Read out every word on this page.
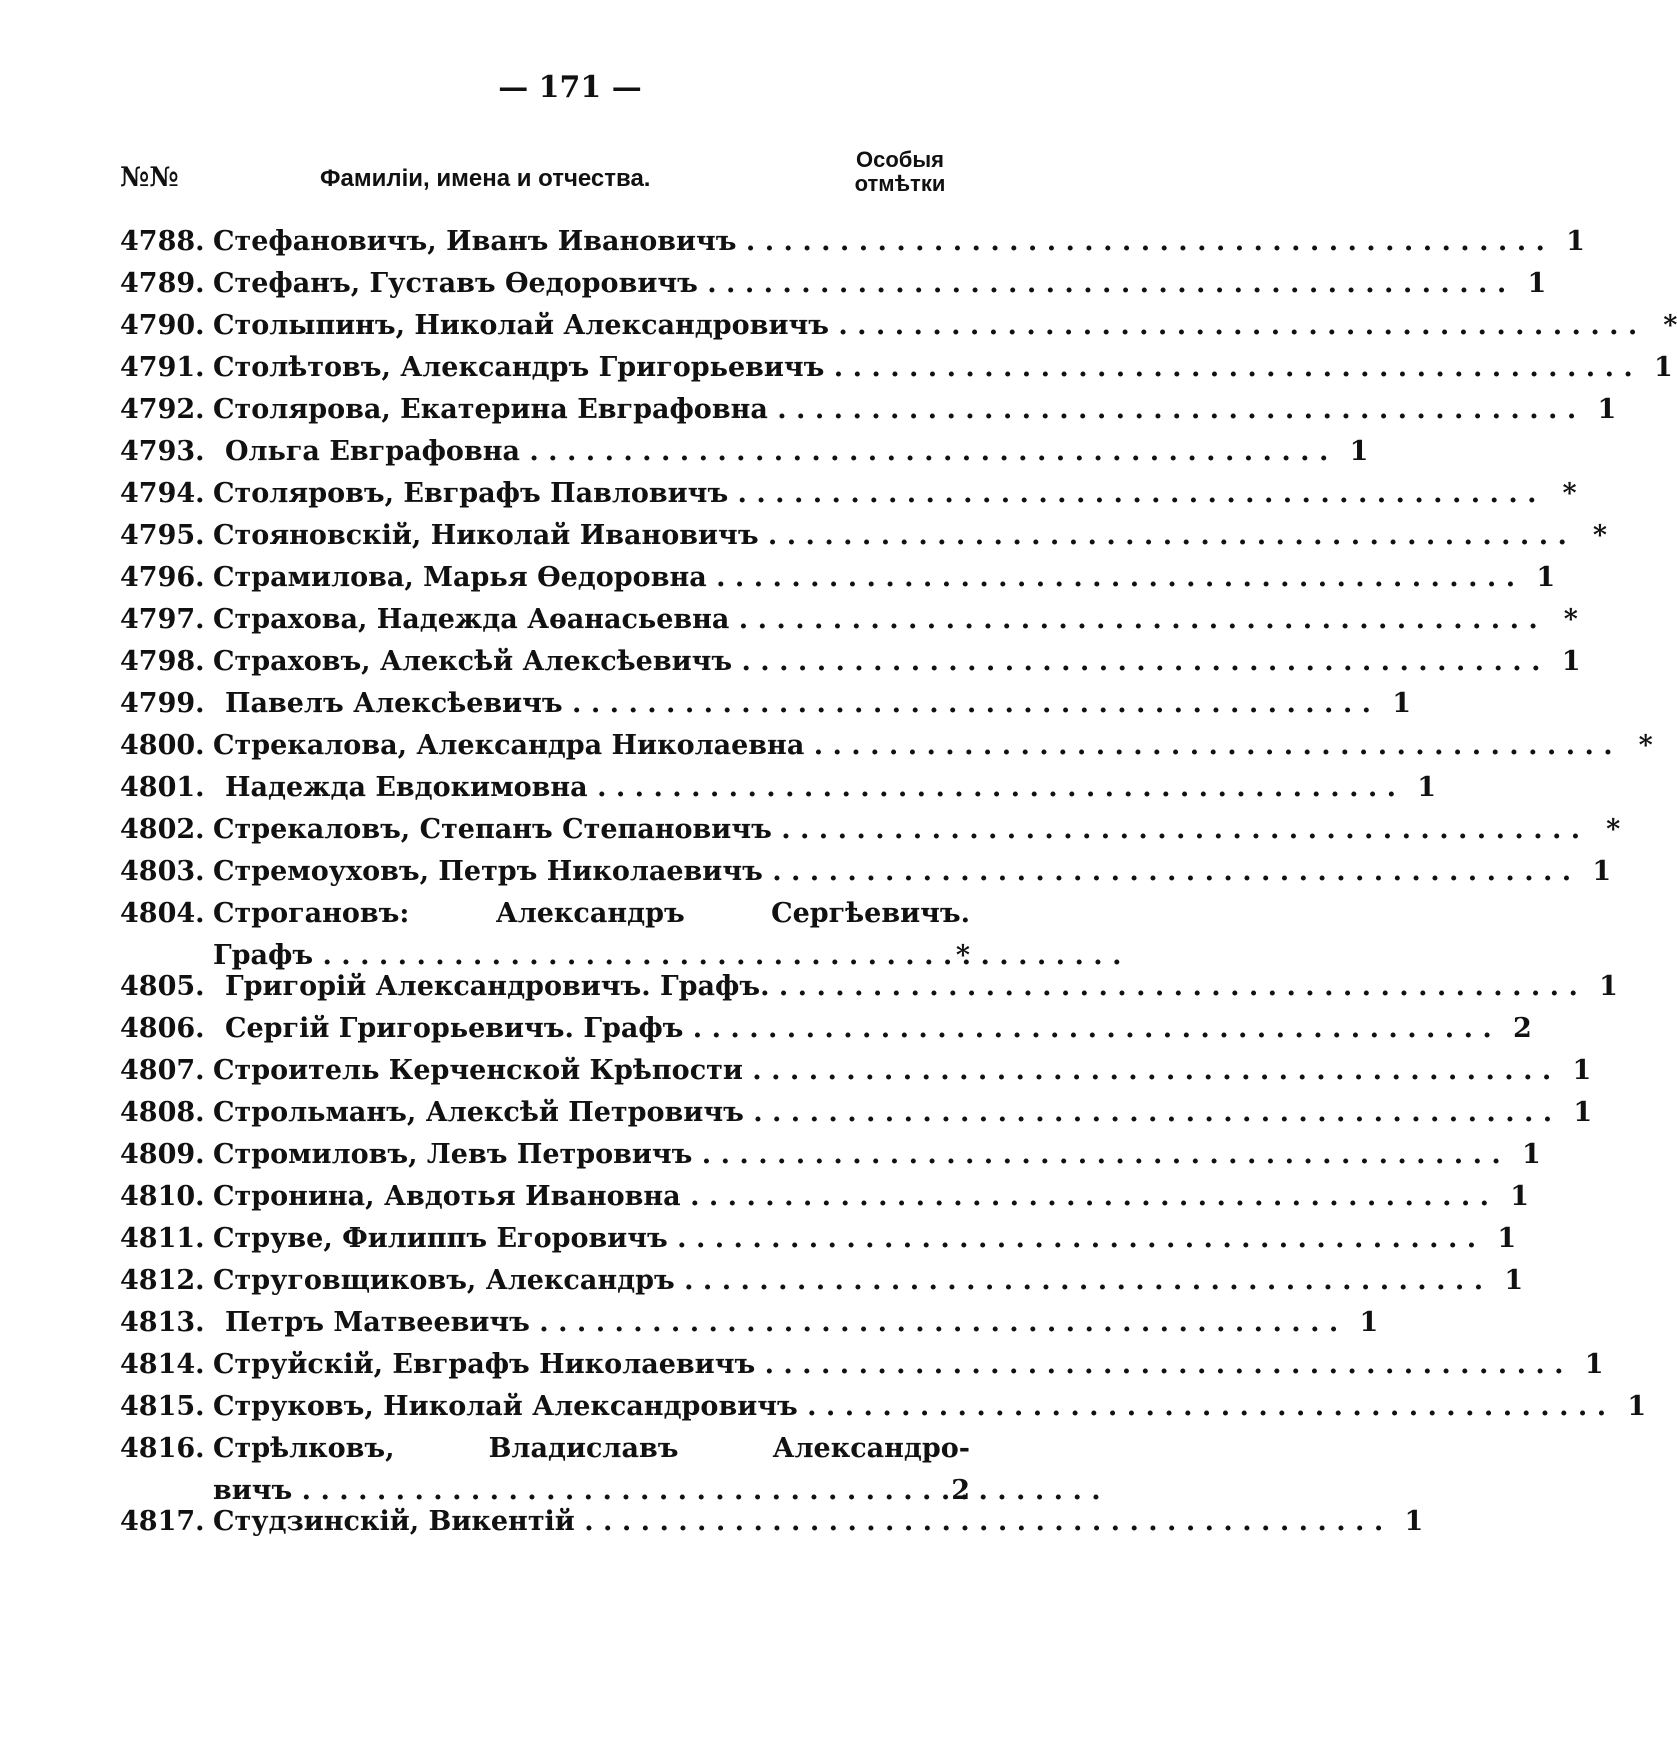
— 171 —
№№	Фамиліи, имена и отчества.
Особыя
отмѣтки
4788. Стефановичъ, Иванъ Ивановичъ . . .	1
4789. Стефанъ, Густавъ Ѳедоровичъ . . .	1
4790. Столыпинъ, Николай Александровичъ . . .	*
4791. Столѣтовъ, Александръ Григорьевичъ . . .	1
4792. Столярова, Екатерина Евграфовна . . .	1
4793. Ольга Евграфовна . . .	1
4794. Столяровъ, Евграфъ Павловичъ . . .	*
4795. Стояновскій, Николай Ивановичъ . . .	*
4796. Страмилова, Марья Ѳедоровна . . .	1
4797. Страхова, Надежда Аѳанасьевна . . .	*
4798. Страховъ, Алексѣй Алексѣевичъ . . .	1
4799. Павелъ Алексѣевичъ . . .	1
4800. Стрекалова, Александра Николаевна . . .	*
4801. Надежда Евдокимовна . . .	1
4802. Стрекаловъ, Степанъ Степановичъ . . .	*
4803. Стремоуховъ, Петръ Николаевичъ . . .	1
4804. Строгановъ: Александръ Сергѣевичъ.
Графъ . . .	*
4805. Григорій Александровичъ. Графъ. . . .	1
4806. Сергій Григорьевичъ. Графъ . . .	2
4807. Строитель Керченской Крѣпости . . .	1
4808. Строльманъ, Алексѣй Петровичъ . . .	1
4809. Стромиловъ, Левъ Петровичъ . . .	1
4810. Стронина, Авдотья Ивановна . . .	1
4811. Струве, Филиппъ Егоровичъ . . .	1
4812. Струговщиковъ, Александръ . . .	1
4813. Петръ Матвеевичъ . . .	1
4814. Струйскій, Евграфъ Николаевичъ . . .	1
4815. Струковъ, Николай Александровичъ . . .	1
4816. Стрѣлковъ, Владиславъ Александро-
вичъ . . .	2
4817. Студзинскій, Викентій . . .	1
